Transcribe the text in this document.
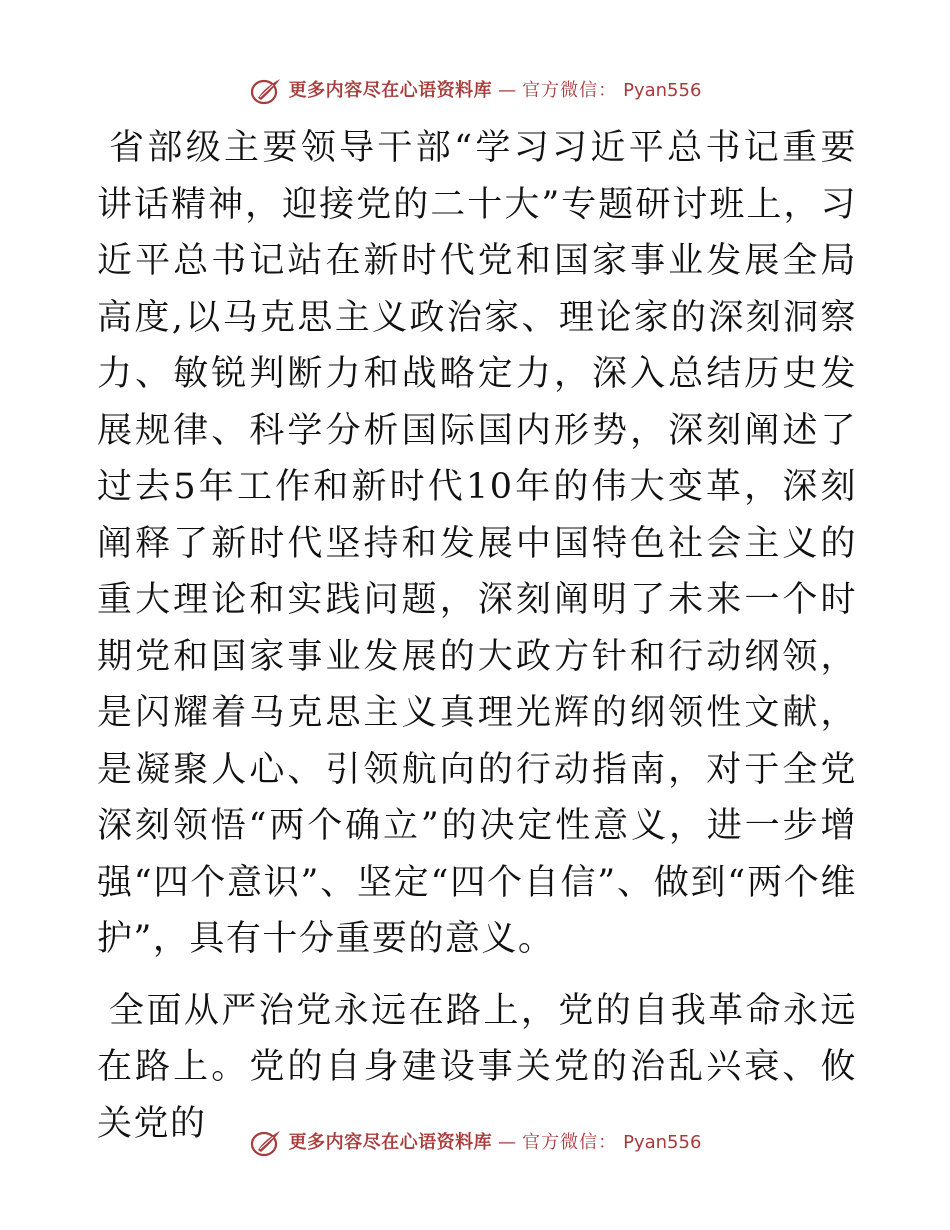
更多内容尽在心语资料库 — 官方微信： Pyan556

省部级主要领导干部“学习习近平总书记重要讲话精神，迎接党的二十大”专题研讨班上，习近平总书记站在新时代党和国家事业发展全局高度,以马克思主义政治家、理论家的深刻洞察力、敏锐判断力和战略定力，深入总结历史发展规律、科学分析国际国内形势，深刻阐述了过去5年工作和新时代10年的伟大变革，深刻阐释了新时代坚持和发展中国特色社会主义的重大理论和实践问题，深刻阐明了未来一个时期党和国家事业发展的大政方针和行动纲领，是闪耀着马克思主义真理光辉的纲领性文献，是凝聚人心、引领航向的行动指南，对于全党深刻领悟“两个确立”的决定性意义，进一步增强“四个意识”、坚定“四个自信”、做到“两个维护”，具有十分重要的意义。

全面从严治党永远在路上，党的自我革命永远在路上。党的自身建设事关党的治乱兴衰、攸关党的	更多内容尽在心语资料库 — 官方微信： Pyan556
